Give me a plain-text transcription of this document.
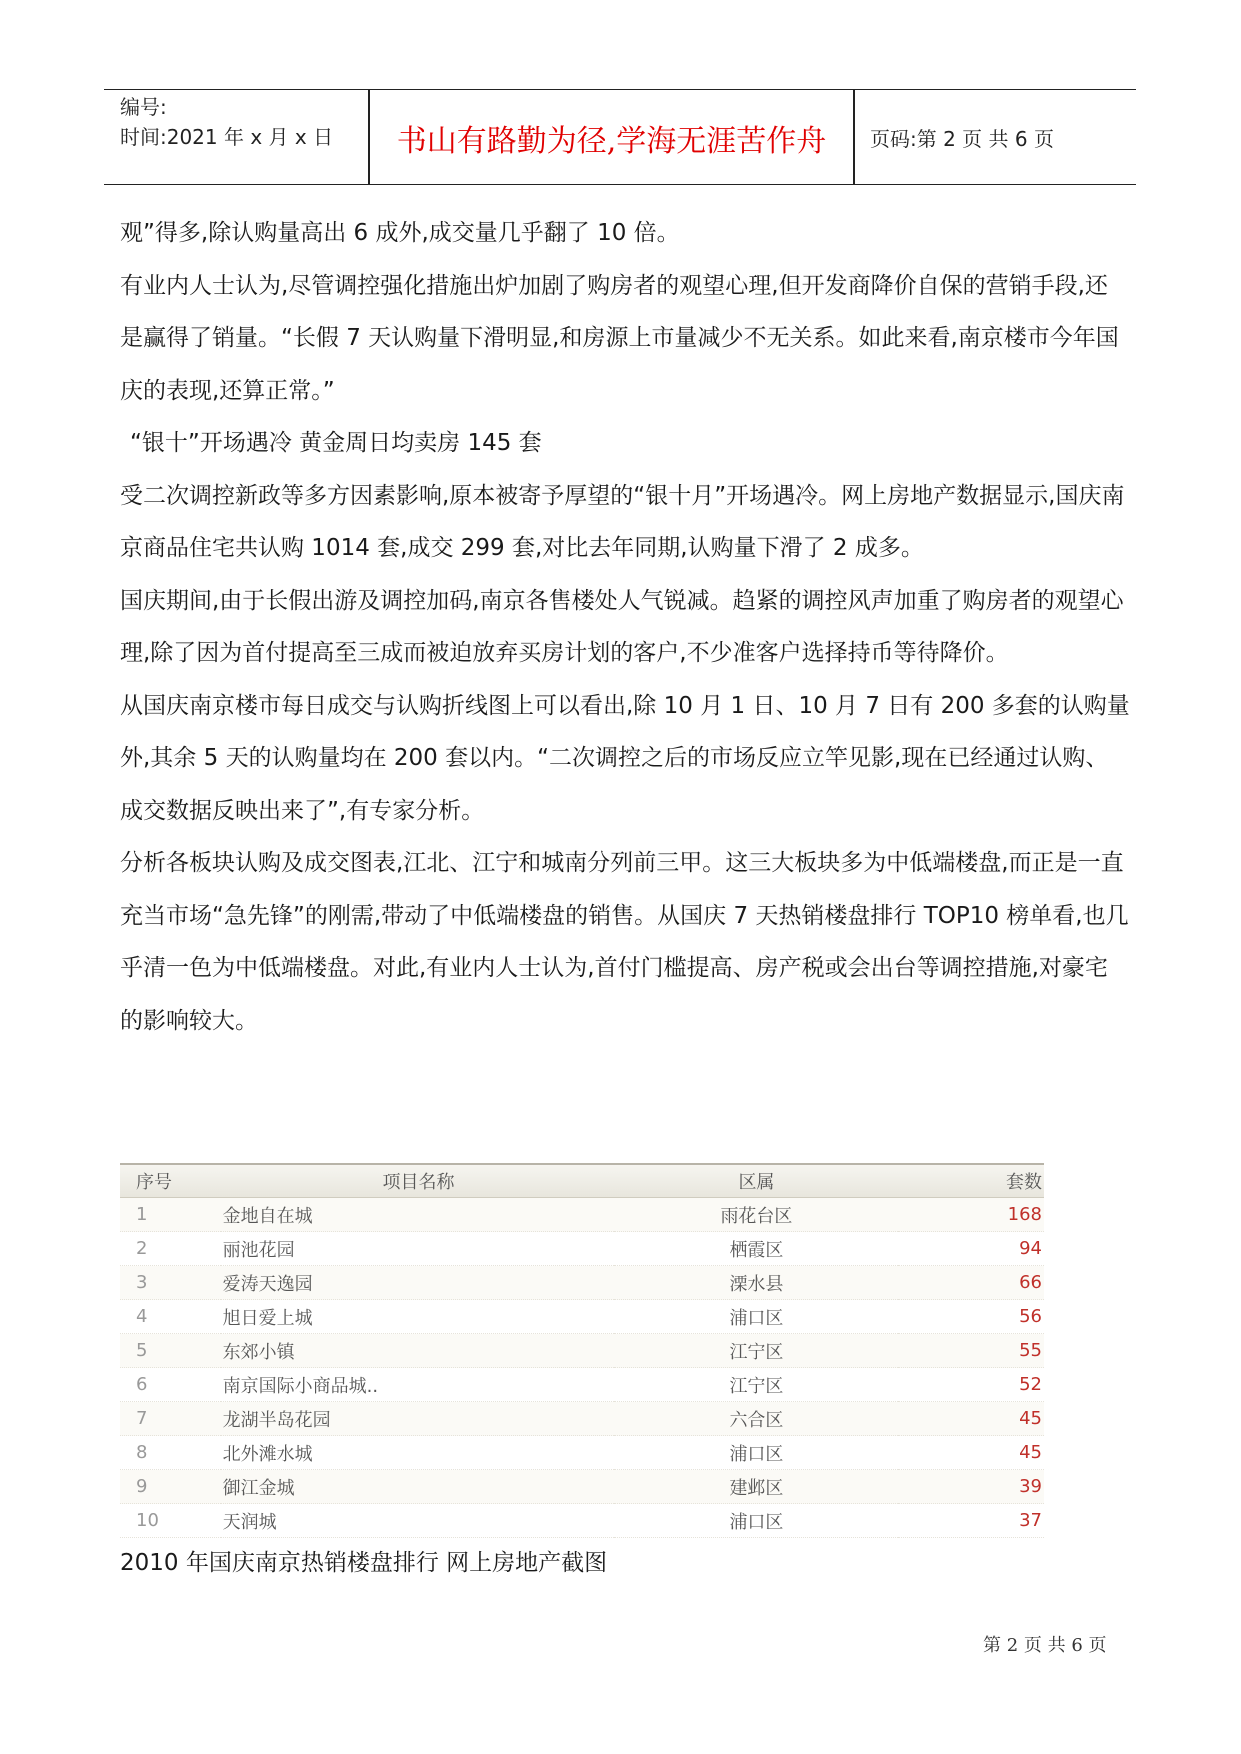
编号:
时间:2021 年 x 月 x 日	书山有路勤为径,学海无涯苦作舟	页码:第 2 页 共 6 页

观”得多,除认购量高出 6 成外,成交量几乎翻了 10 倍。

有业内人士认为,尽管调控强化措施出炉加剧了购房者的观望心理,但开发商降价自保的营销手段,还是赢得了销量。“长假 7 天认购量下滑明显,和房源上市量减少不无关系。如此来看,南京楼市今年国庆的表现,还算正常。”

“银十”开场遇冷 黄金周日均卖房 145 套

受二次调控新政等多方因素影响,原本被寄予厚望的“银十月”开场遇冷。网上房地产数据显示,国庆南京商品住宅共认购 1014 套,成交 299 套,对比去年同期,认购量下滑了 2 成多。

国庆期间,由于长假出游及调控加码,南京各售楼处人气锐减。趋紧的调控风声加重了购房者的观望心理,除了因为首付提高至三成而被迫放弃买房计划的客户,不少准客户选择持币等待降价。

从国庆南京楼市每日成交与认购折线图上可以看出,除 10 月 1 日、10 月 7 日有 200 多套的认购量外,其余 5 天的认购量均在 200 套以内。“二次调控之后的市场反应立竿见影,现在已经通过认购、成交数据反映出来了”,有专家分析。

分析各板块认购及成交图表,江北、江宁和城南分列前三甲。这三大板块多为中低端楼盘,而正是一直充当市场“急先锋”的刚需,带动了中低端楼盘的销售。从国庆 7 天热销楼盘排行 TOP10 榜单看,也几乎清一色为中低端楼盘。对此,有业内人士认为,首付门槛提高、房产税或会出台等调控措施,对豪宅的影响较大。

序号	项目名称	区属	套数
1	金地自在城	雨花台区	168
2	丽池花园	栖霞区	94
3	爱涛天逸园	溧水县	66
4	旭日爱上城	浦口区	56
5	东郊小镇	江宁区	55
6	南京国际小商品城..	江宁区	52
7	龙湖半岛花园	六合区	45
8	北外滩水城	浦口区	45
9	御江金城	建邺区	39
10	天润城	浦口区	37
2010 年国庆南京热销楼盘排行 网上房地产截图
第 2 页 共 6 页
